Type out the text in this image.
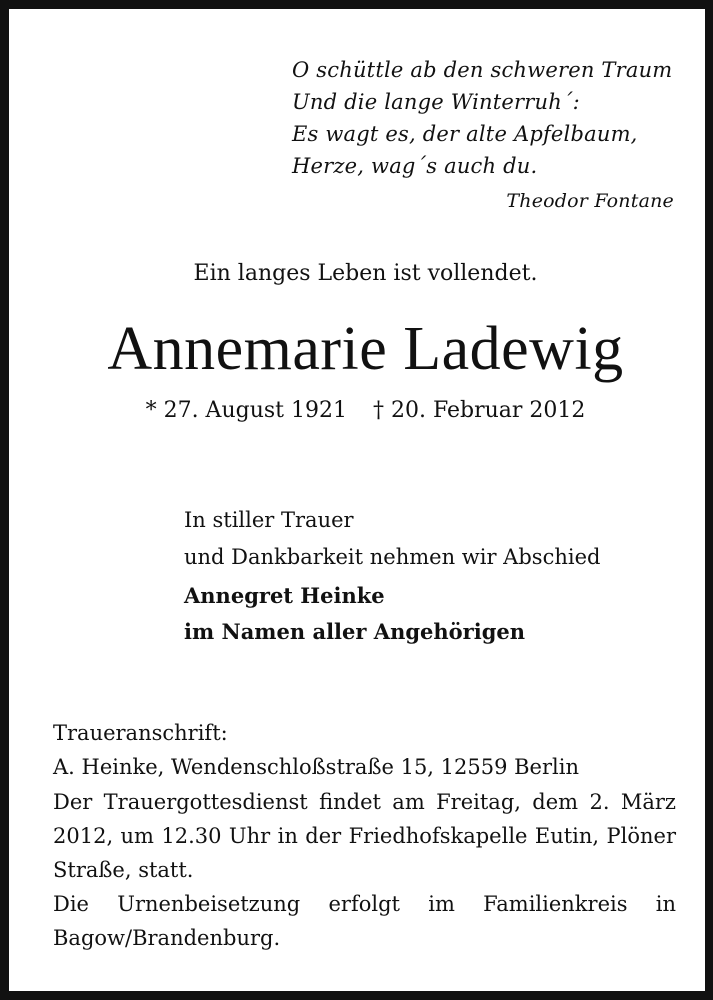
O schüttle ab den schweren Traum
Und die lange Winterruh´:
Es wagt es, der alte Apfelbaum,
Herze, wag´s auch du.
Theodor Fontane
Ein langes Leben ist vollendet.
Annemarie Ladewig
* 27. August 1921 † 20. Februar 2012
In stiller Trauer
und Dankbarkeit nehmen wir Abschied
Annegret Heinke
im Namen aller Angehörigen
Traueranschrift:
A. Heinke, Wendenschloßstraße 15, 12559 Berlin
Der Trauergottesdienst findet am Freitag, dem 2. März 2012, um 12.30 Uhr in der Friedhofskapelle Eutin, Plöner Straße, statt.
Die Urnenbeisetzung erfolgt im Familienkreis in Bagow/Brandenburg.
